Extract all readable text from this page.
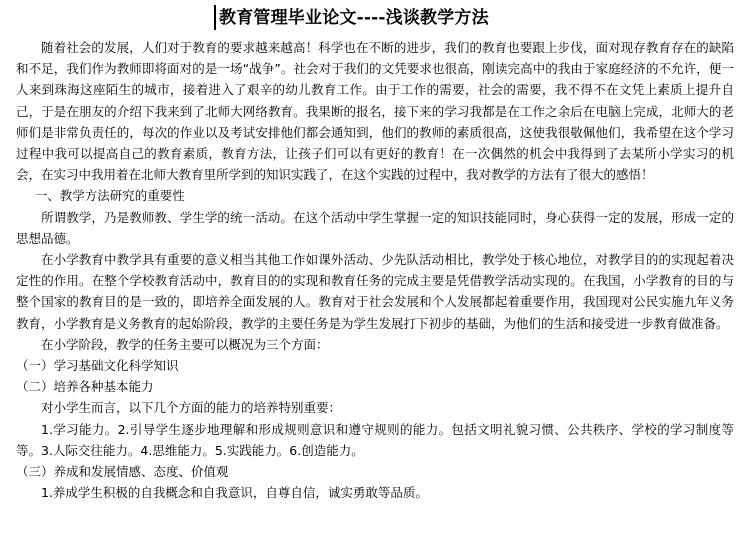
教育管理毕业论文----浅谈教学方法

随着社会的发展，人们对于教育的要求越来越高！科学也在不断的进步，我们的教育也要跟上步伐，面对现存教育存在的缺陷和不足，我们作为教师即将面对的是一场“战争”。社会对于我们的文凭要求也很高，刚读完高中的我由于家庭经济的不允许，便一人来到珠海这座陌生的城市，接着进入了艰辛的幼儿教育工作。由于工作的需要，社会的需要，我不得不在文凭上素质上提升自己，于是在朋友的介绍下我来到了北师大网络教育。我果断的报名，接下来的学习我都是在工作之余后在电脑上完成，北师大的老师们是非常负责任的，每次的作业以及考试安排他们都会通知到，他们的教师的素质很高，这使我很敬佩他们，我希望在这个学习过程中我可以提高自己的教育素质，教育方法，让孩子们可以有更好的教育！在一次偶然的机会中我得到了去某所小学实习的机会，在实习中我用着在北师大教育里所学到的知识实践了，在这个实践的过程中，我对教学的方法有了很大的感悟！

一、教学方法研究的重要性

所谓教学，乃是教师教、学生学的统一活动。在这个活动中学生掌握一定的知识技能同时，身心获得一定的发展，形成一定的思想品德。

在小学教育中教学具有重要的意义相当其他工作如课外活动、少先队活动相比，教学处于核心地位，对教学目的的实现起着决定性的作用。在整个学校教育活动中，教育目的的实现和教育任务的完成主要是凭借教学活动实现的。在我国，小学教育的目的与整个国家的教育目的是一致的，即培养全面发展的人。教育对于社会发展和个人发展都起着重要作用，我国现对公民实施九年义务教育，小学教育是义务教育的起始阶段，教学的主要任务是为学生发展打下初步的基础，为他们的生活和接受进一步教育做准备。

在小学阶段，教学的任务主要可以概况为三个方面：

（一）学习基础文化科学知识

（二）培养各种基本能力

对小学生而言，以下几个方面的能力的培养特别重要：

1.学习能力。2.引导学生逐步地理解和形成规则意识和遵守规则的能力。包括文明礼貌习惯、公共秩序、学校的学习制度等等。3.人际交往能力。4.思维能力。5.实践能力。6.创造能力。

（三）养成和发展情感、态度、价值观

1.养成学生积极的自我概念和自我意识，自尊自信，诚实勇敢等品质。
